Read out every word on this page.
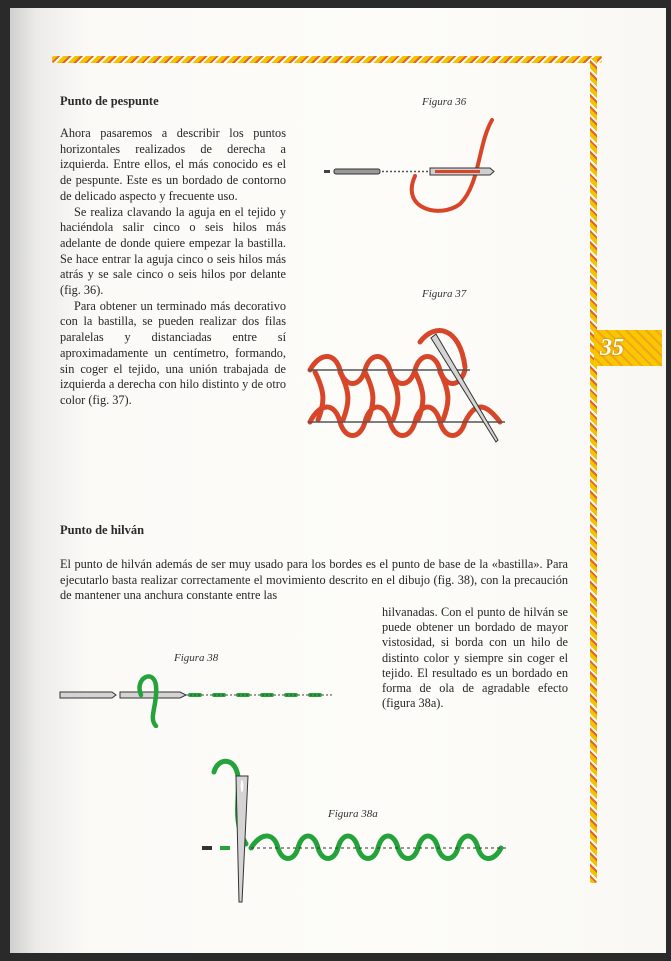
35
Punto de pespunte

Ahora pasaremos a describir los puntos horizontales realizados de derecha a izquierda. Entre ellos, el más conocido es el de pespunte. Este es un bordado de contorno de delicado aspecto y frecuente uso.

Se realiza clavando la aguja en el tejido y haciéndola salir cinco o seis hilos más adelante de donde quiere empezar la bastilla. Se hace entrar la aguja cinco o seis hilos más atrás y se sale cinco o seis hilos por delante (fig. 36).

Para obtener un terminado más decorativo con la bastilla, se pueden realizar dos filas paralelas y distanciadas entre sí aproximadamente un centímetro, formando, sin coger el tejido, una unión trabajada de izquierda a derecha con hilo distinto y de otro color (fig. 37).

Figura 36
Figura 37
Punto de hilván

El punto de hilván además de ser muy usado para los bordes es el punto de base de la «bastilla». Para ejecutarlo basta realizar correctamente el movimiento descrito en el dibujo (fig. 38), con la precaución de mantener una anchura constante entre las

hilvanadas. Con el punto de hilván se puede obtener un bordado de mayor vistosidad, si borda con un hilo de distinto color y siempre sin coger el tejido. El resultado es un bordado en forma de ola de agradable efecto (figura 38a).

Figura 38
Figura 38a
